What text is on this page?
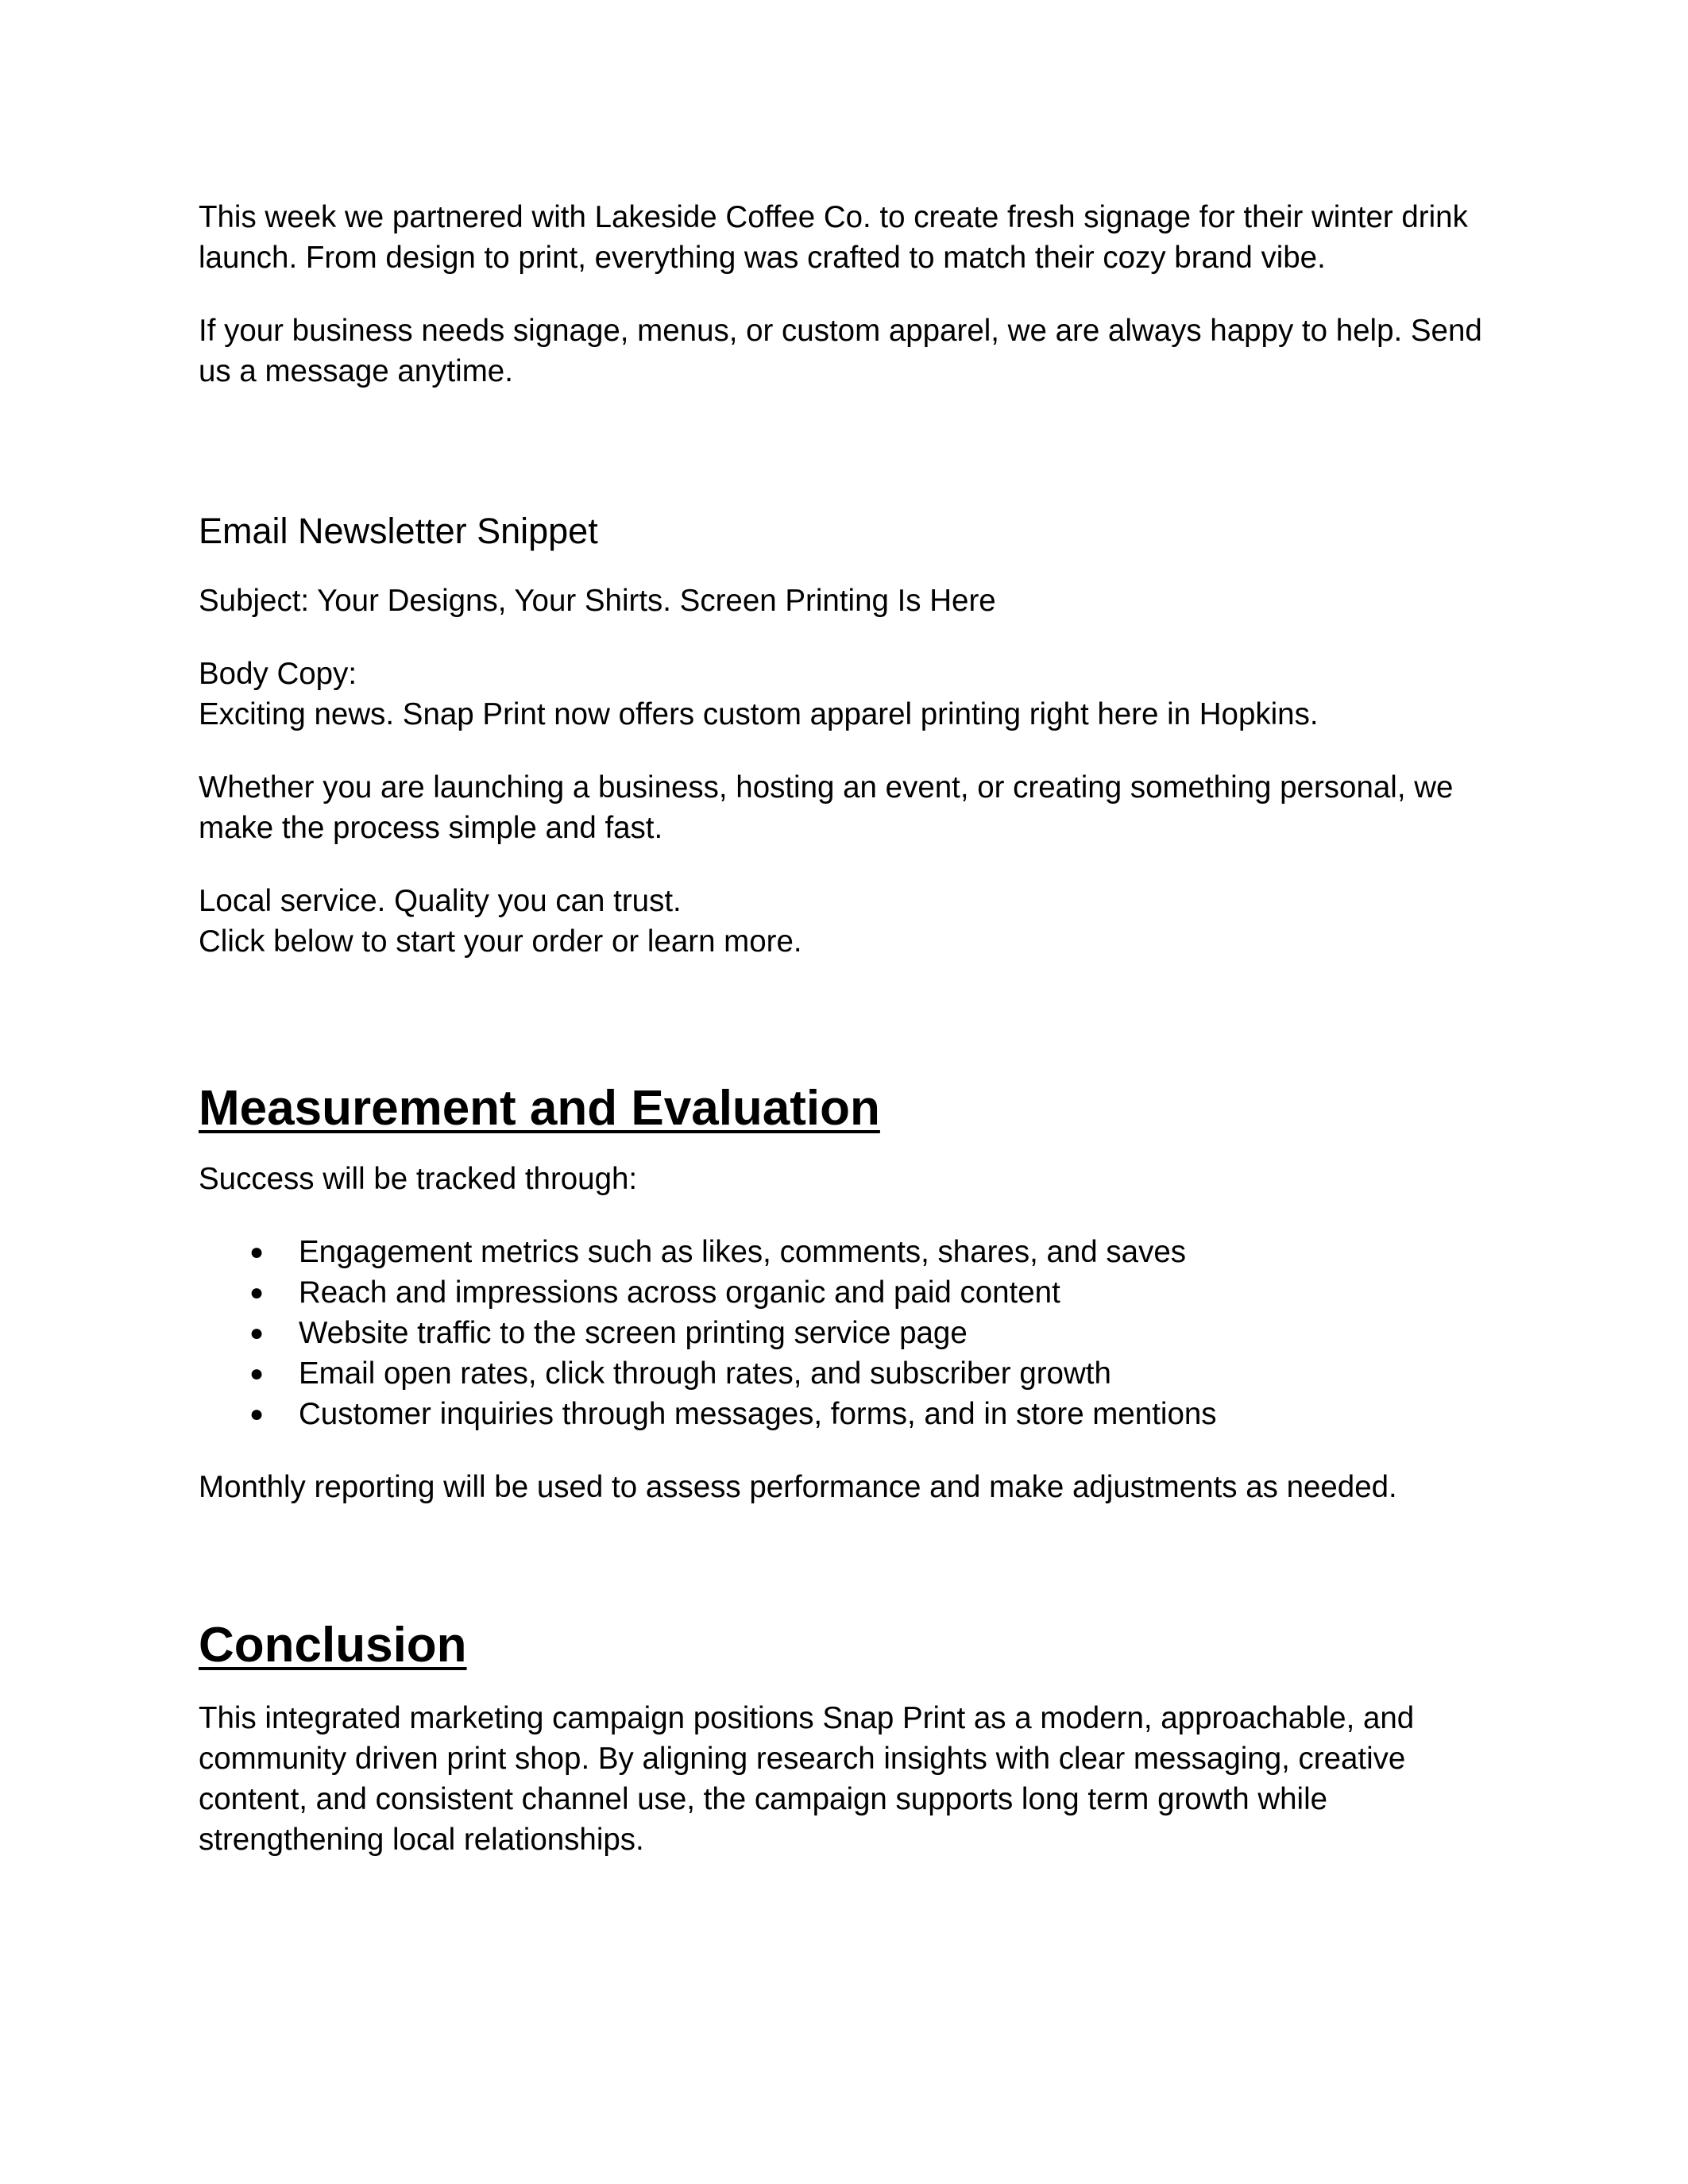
This week we partnered with Lakeside Coffee Co. to create fresh signage for their winter drink launch. From design to print, everything was crafted to match their cozy brand vibe.

If your business needs signage, menus, or custom apparel, we are always happy to help. Send us a message anytime.

Email Newsletter Snippet

Subject: Your Designs, Your Shirts. Screen Printing Is Here

Body Copy:

Exciting news. Snap Print now offers custom apparel printing right here in Hopkins.

Whether you are launching a business, hosting an event, or creating something personal, we make the process simple and fast.

Local service. Quality you can trust.

Click below to start your order or learn more.

Measurement and Evaluation

Success will be tracked through:

● Engagement metrics such as likes, comments, shares, and saves
● Reach and impressions across organic and paid content
● Website traffic to the screen printing service page
● Email open rates, click through rates, and subscriber growth
● Customer inquiries through messages, forms, and in store mentions

Monthly reporting will be used to assess performance and make adjustments as needed.

Conclusion

This integrated marketing campaign positions Snap Print as a modern, approachable, and community driven print shop. By aligning research insights with clear messaging, creative content, and consistent channel use, the campaign supports long term growth while strengthening local relationships.
